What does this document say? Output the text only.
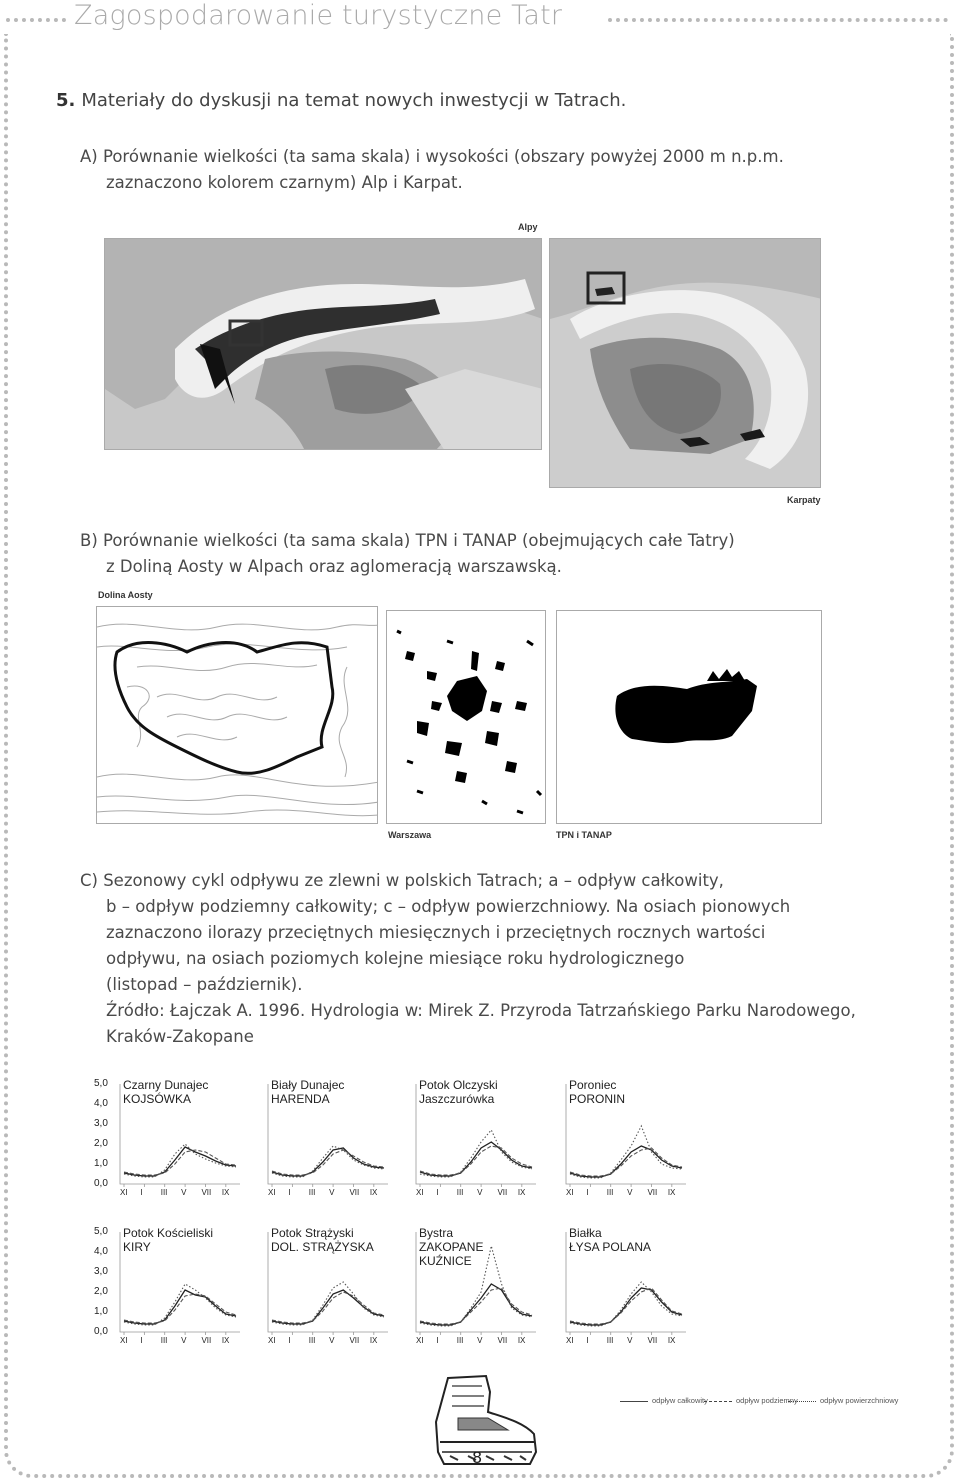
Zagospodarowanie turystyczne Tatr
5. Materiały do dyskusji na temat nowych inwestycji w Tatrach.
A) Porównanie wielkości (ta sama skala) i wysokości (obszary powyżej 2000 m n.p.m.
zaznaczono kolorem czarnym) Alp i Karpat.
Alpy
Karpaty
B) Porównanie wielkości (ta sama skala) TPN i TANAP (obejmujących całe Tatry)
z Doliną Aosty w Alpach oraz aglomeracją warszawską.
Dolina Aosty
Warszawa	TPN i TANAP
C) Sezonowy cykl odpływu ze zlewni w polskich Tatrach; a – odpływ całkowity,
b – odpływ podziemny całkowity; c – odpływ powierzchniowy. Na osiach pionowych
zaznaczono ilorazy przeciętnych miesięcznych i przeciętnych rocznych wartości
odpływu, na osiach poziomych kolejne miesiące roku hydrologicznego
(listopad – październik).
Źródło: Łajczak A. 1996. Hydrologia w: Mirek Z. Przyroda Tatrzańskiego Parku Narodowego,
Kraków-Zakopane
Czarny Dunajec
KOJSÓWKA
XI I III V VII IX
5,0
4,0
3,0
2,0
1,0
0,0
Biały Dunajec
HARENDA
XI I III V VII IX
Potok Olczyski
Jaszczurówka
XI I III V VII IX
Poroniec
PORONIN
XI I III V VII IX
Potok Kościeliski
KIRY
XI I III V VII IX
5,0
4,0
3,0
2,0
1,0
0,0
Potok Strążyski
DOL. STRĄŻYSKA
XI I III V VII IX
Bystra
ZAKOPANE
KUŹNICE
XI I III V VII IX
Białka
ŁYSA POLANA
XI I III V VII IX
odpływ całkowity	odpływ podziemny	odpływ powierzchniowy
8
